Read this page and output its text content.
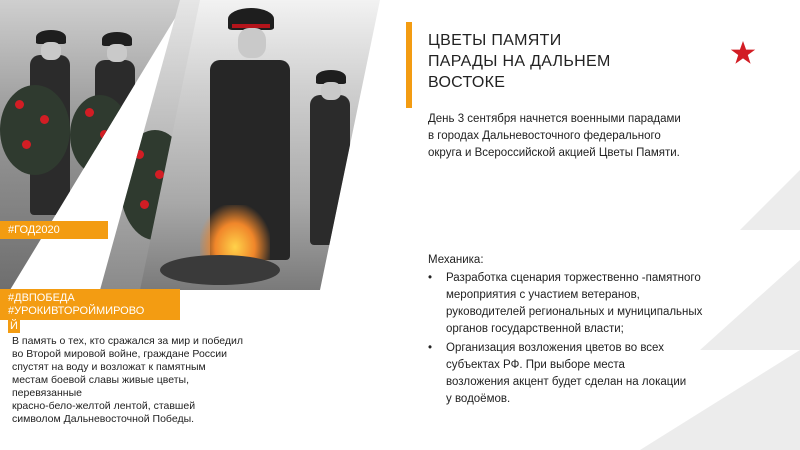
ЦВЕТЫ ПАМЯТИ
ПАРАДЫ НА ДАЛЬНЕМ
ВОСТОКЕ
День 3 сентября начнется военными парадами
в городах Дальневосточного федерального
округа и Всероссийской акцией Цветы Памяти.
Механика:
• Разработка сценария торжественно -памятного
мероприятия с участием ветеранов,
руководителей региональных и муниципальных
органов государственной власти;
• Организация возложения цветов во всех
субъектах РФ. При выборе места
возложения акцент будет сделан на локации
у водоёмов.
#ГОД2020
#ДВПОБЕДА
#УРОКИВТОРОЙМИРОВО
Й
В память о тех, кто сражался за мир и победил
во Второй мировой войне, граждане России
спустят на воду и возложат к памятным
местам боевой славы живые цветы,
перевязанные
красно-бело-желтой лентой, ставшей
символом Дальневосточной Победы.
